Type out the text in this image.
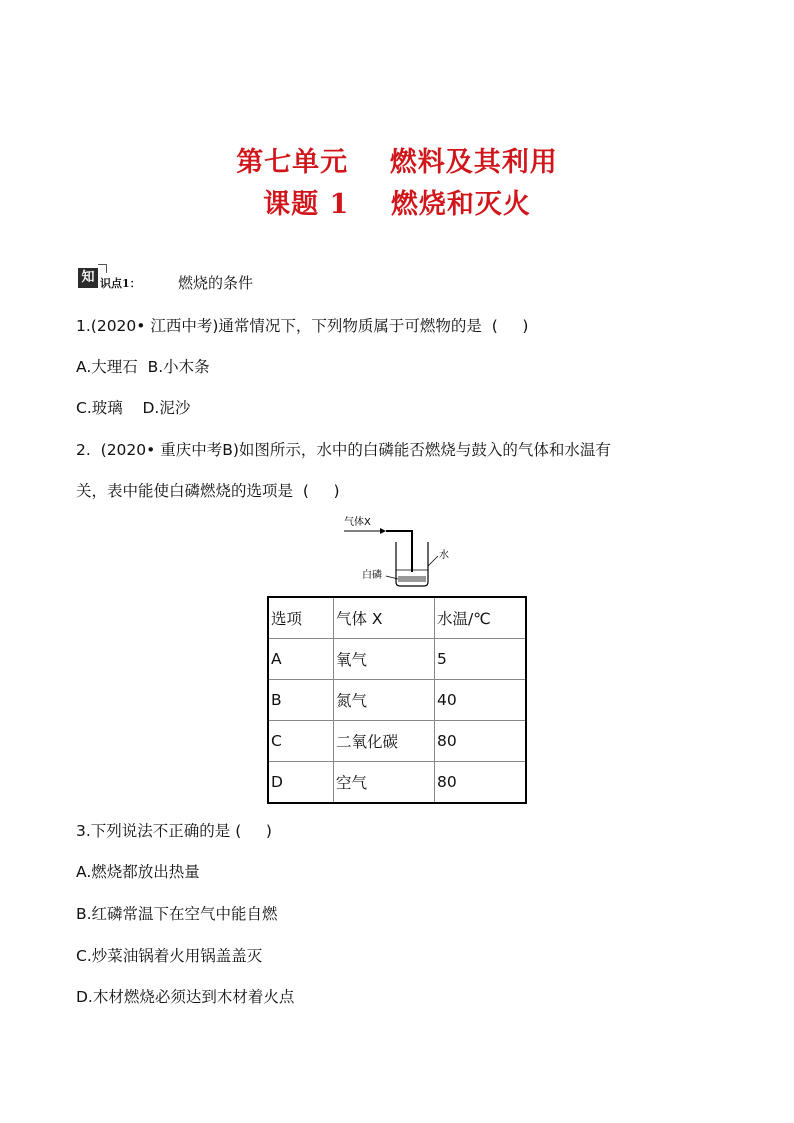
第七单元    燃料及其利用
课题 1    燃烧和灭火
知 识点1： 燃烧的条件
1.(2020• 江西中考)通常情况下，下列物质属于可燃物的是  (     )
A.大理石  B.小木条
C.玻璃    D.泥沙
2.  (2020• 重庆中考B)如图所示，水中的白磷能否燃烧与鼓入的气体和水温有
关，表中能使白磷燃烧的选项是  (     )
气体X
水
白磷
选项	气体 X	水温/℃
A	氧气	5
B	氮气	40
C	二氧化碳	80
D	空气	80
3.下列说法不正确的是 (     )
A.燃烧都放出热量
B.红磷常温下在空气中能自燃
C.炒菜油锅着火用锅盖盖灭
D.木材燃烧必须达到木材着火点
